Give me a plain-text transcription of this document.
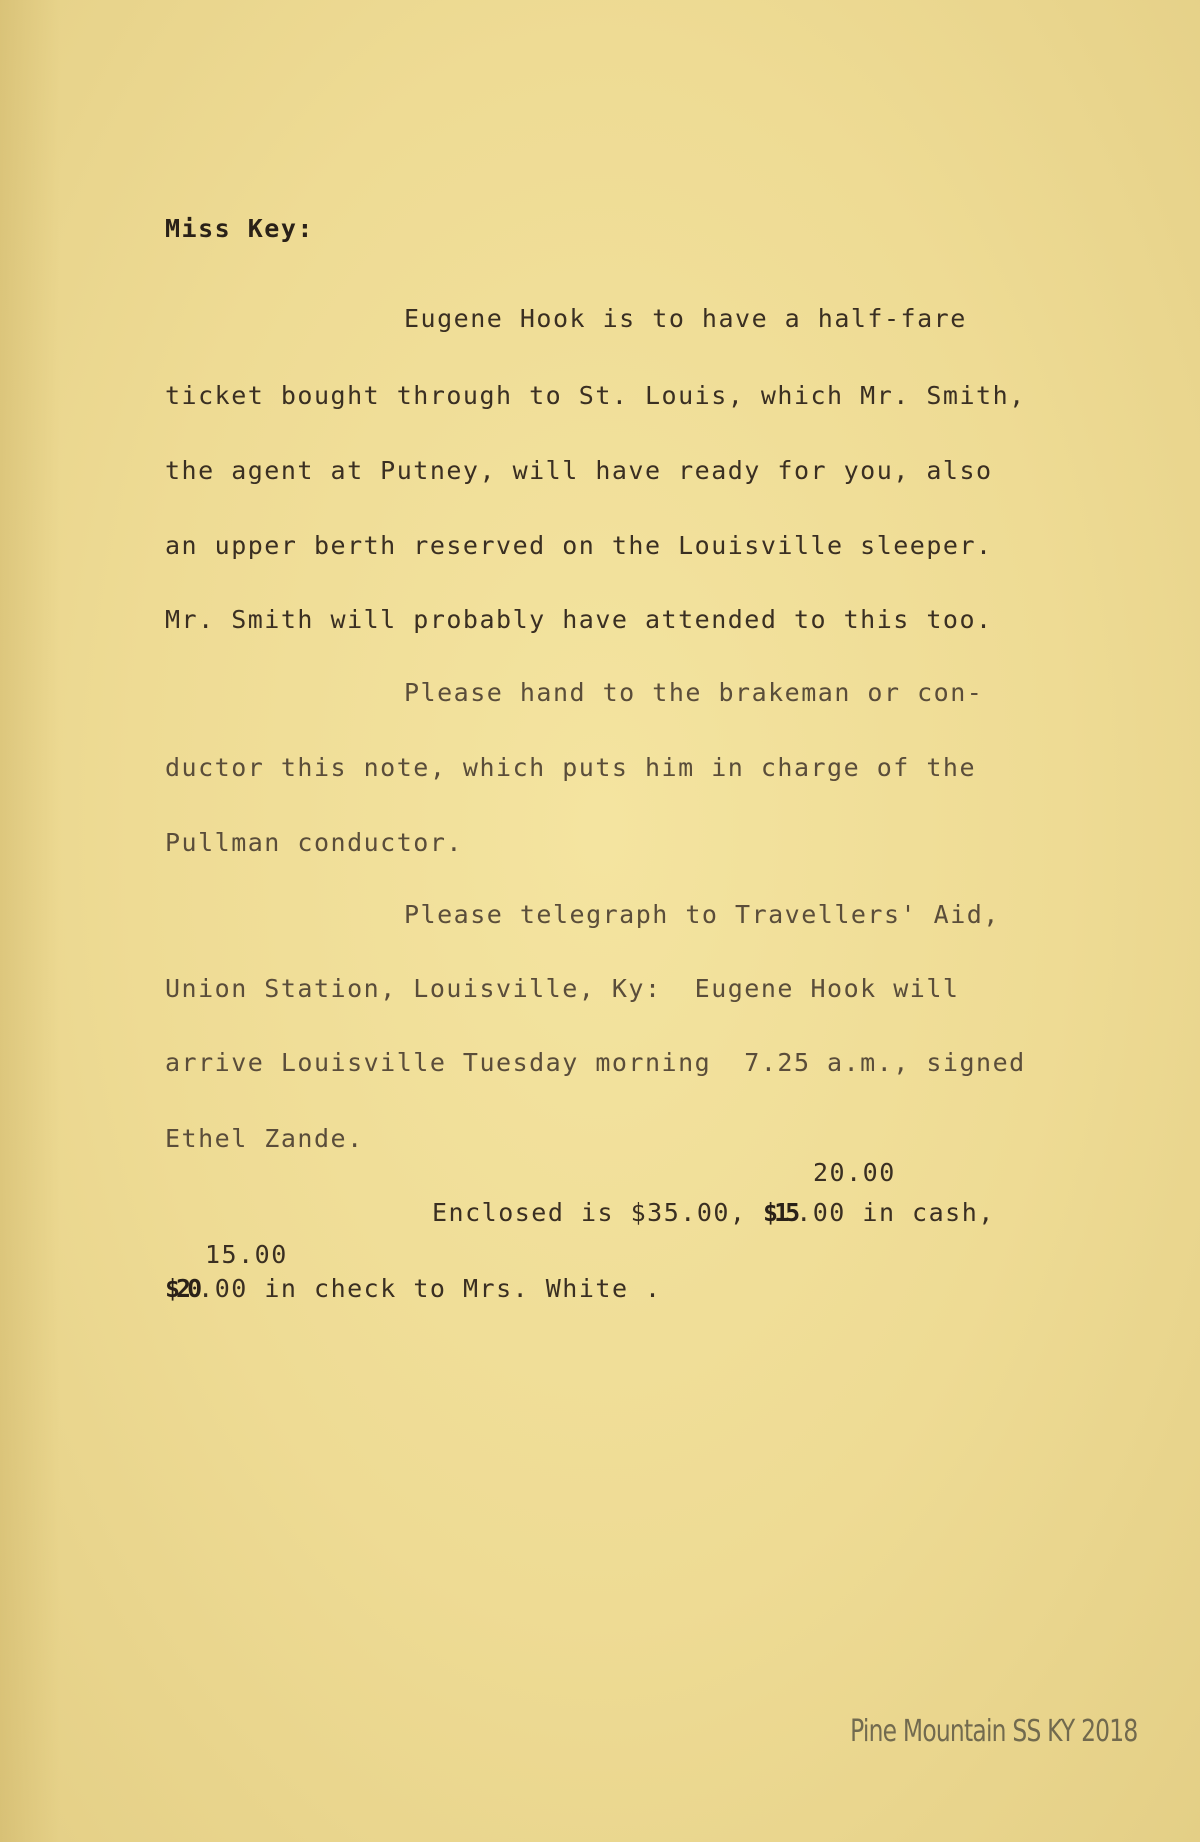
Miss Key:
Eugene Hook is to have a half-fare
ticket bought through to St. Louis, which Mr. Smith,
the agent at Putney, will have ready for you, also
an upper berth reserved on the Louisville sleeper.
Mr. Smith will probably have attended to this too.
Please hand to the brakeman or con-
ductor this note, which puts him in charge of the
Pullman conductor.
Please telegraph to Travellers' Aid,
Union Station, Louisville, Ky:  Eugene Hook will
arrive Louisville Tuesday morning  7.25 a.m., signed
Ethel Zande.
20.00
Enclosed is $35.00, $15.00 in cash,
15.00
$20.00 in check to Mrs. White .
Pine Mountain SS KY 2018
